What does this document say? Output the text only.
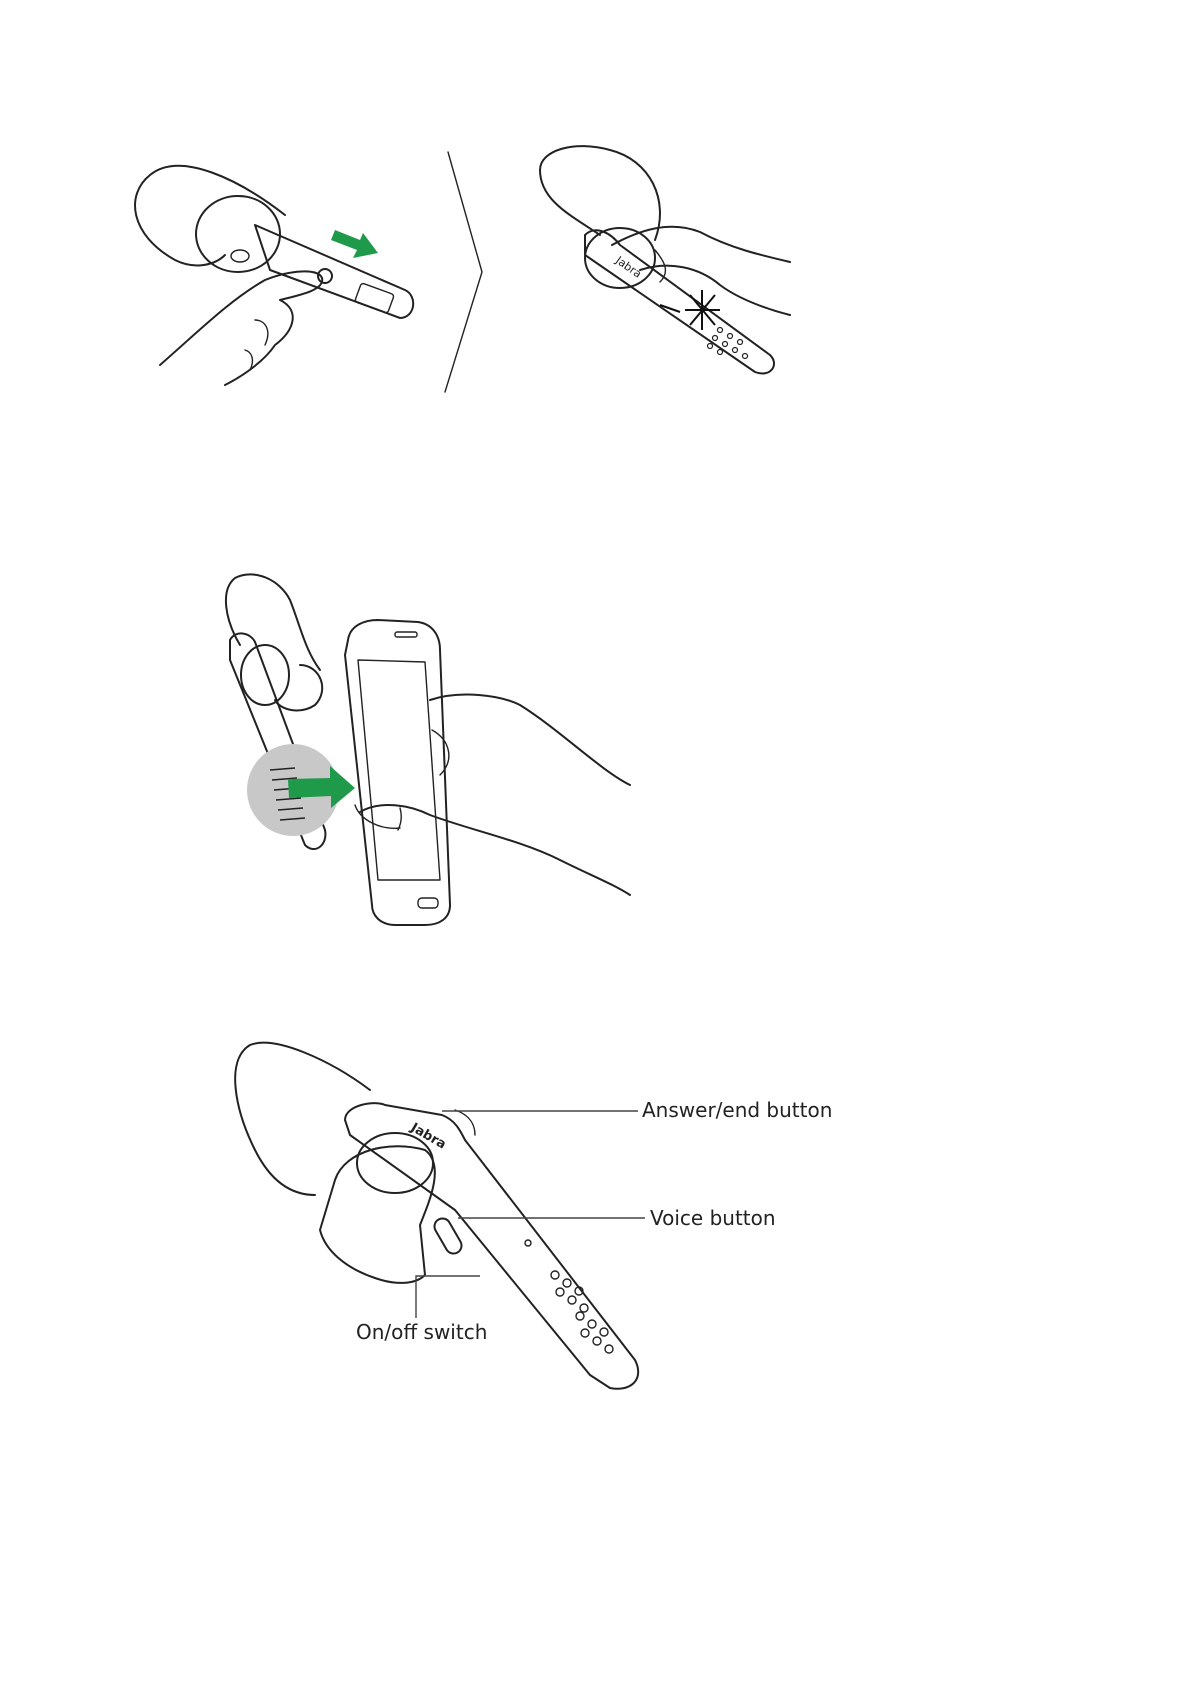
Jabra
Jabra
Answer/end button
Voice button
On/off switch
